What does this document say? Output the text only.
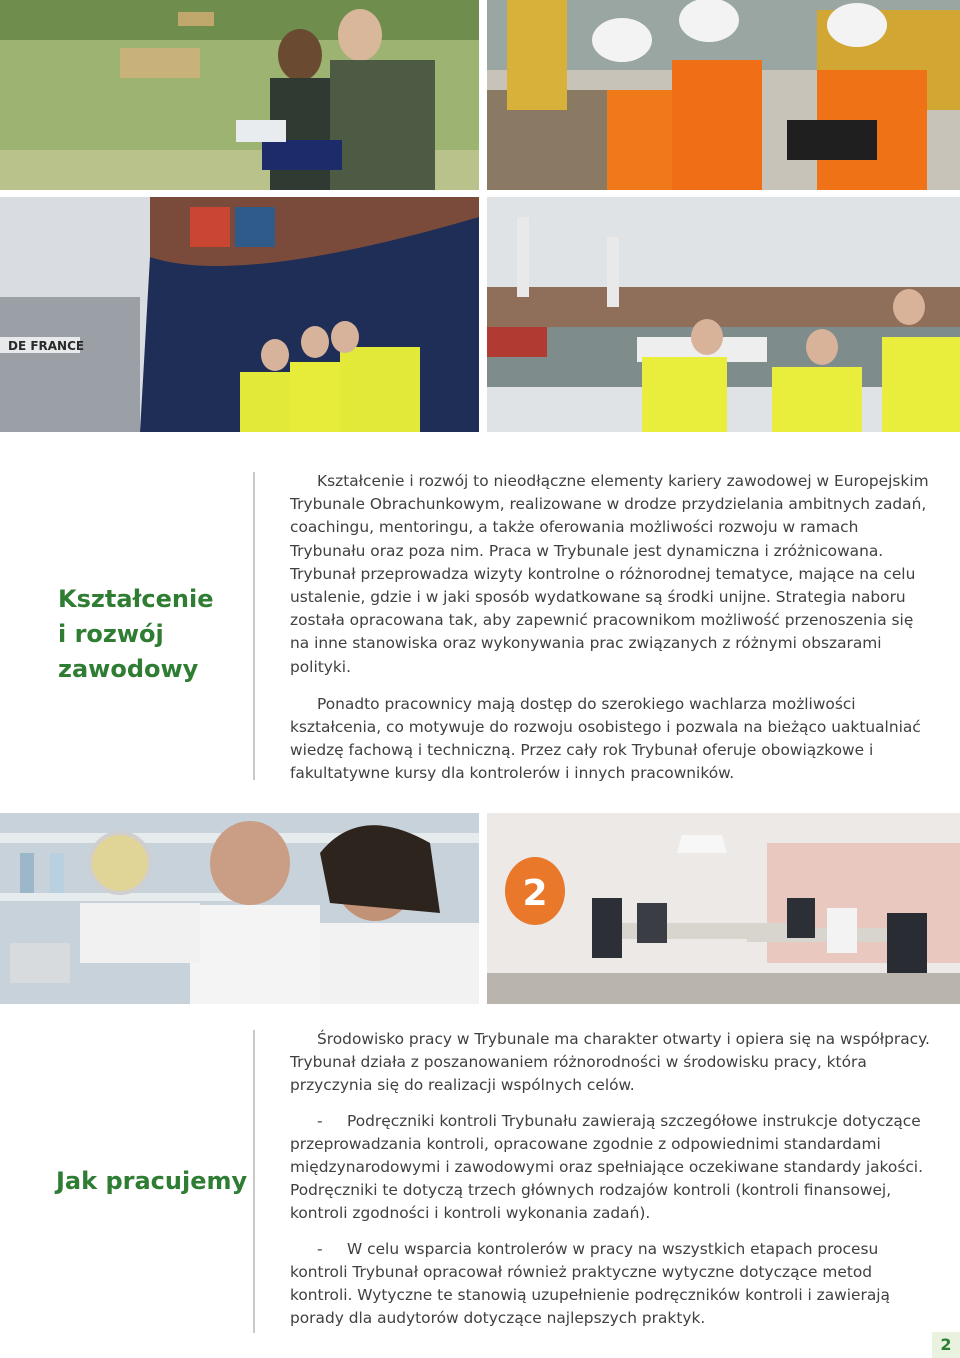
DE FRANCE
Kształcenie
i rozwój
zawodowy

Kształcenie i rozwój to nieodłączne elementy kariery zawodowej w Europejskim Trybunale Obrachunkowym, realizowane w drodze przydzielania ambitnych zadań, coachingu, mentoringu, a także oferowania możliwości rozwoju w ramach Trybunału oraz poza nim. Praca w Trybunale jest dynamiczna i zróżnicowana. Trybunał przeprowadza wizyty kontrolne o różnorodnej tematyce, mające na celu ustalenie, gdzie i w jaki sposób wydatkowane są środki unijne. Strategia naboru została opracowana tak, aby zapewnić pracownikom możliwość przenoszenia się na inne stanowiska oraz wykonywania prac związanych z różnymi obszarami polityki.

Ponadto pracownicy mają dostęp do szerokiego wachlarza możliwości kształcenia, co motywuje do rozwoju osobistego i pozwala na bieżąco uaktualniać wiedzę fachową i techniczną. Przez cały rok Trybunał oferuje obowiązkowe i fakultatywne kursy dla kontrolerów i innych pracowników.

2
Jak pracujemy

Środowisko pracy w Trybunale ma charakter otwarty i opiera się na współpracy. Trybunał działa z poszanowaniem różnorodności w środowisku pracy, która przyczynia się do realizacji wspólnych celów.

- Podręczniki kontroli Trybunału zawierają szczegółowe instrukcje dotyczące przeprowadzania kontroli, opracowane zgodnie z odpowiednimi standardami międzynarodowymi i zawodowymi oraz spełniające oczekiwane standardy jakości. Podręczniki te dotyczą trzech głównych rodzajów kontroli (kontroli finansowej, kontroli zgodności i kontroli wykonania zadań).

- W celu wsparcia kontrolerów w pracy na wszystkich etapach procesu kontroli Trybunał opracował również praktyczne wytyczne dotyczące metod kontroli. Wytyczne te stanowią uzupełnienie podręczników kontroli i zawierają porady dla audytorów dotyczące najlepszych praktyk.

2
